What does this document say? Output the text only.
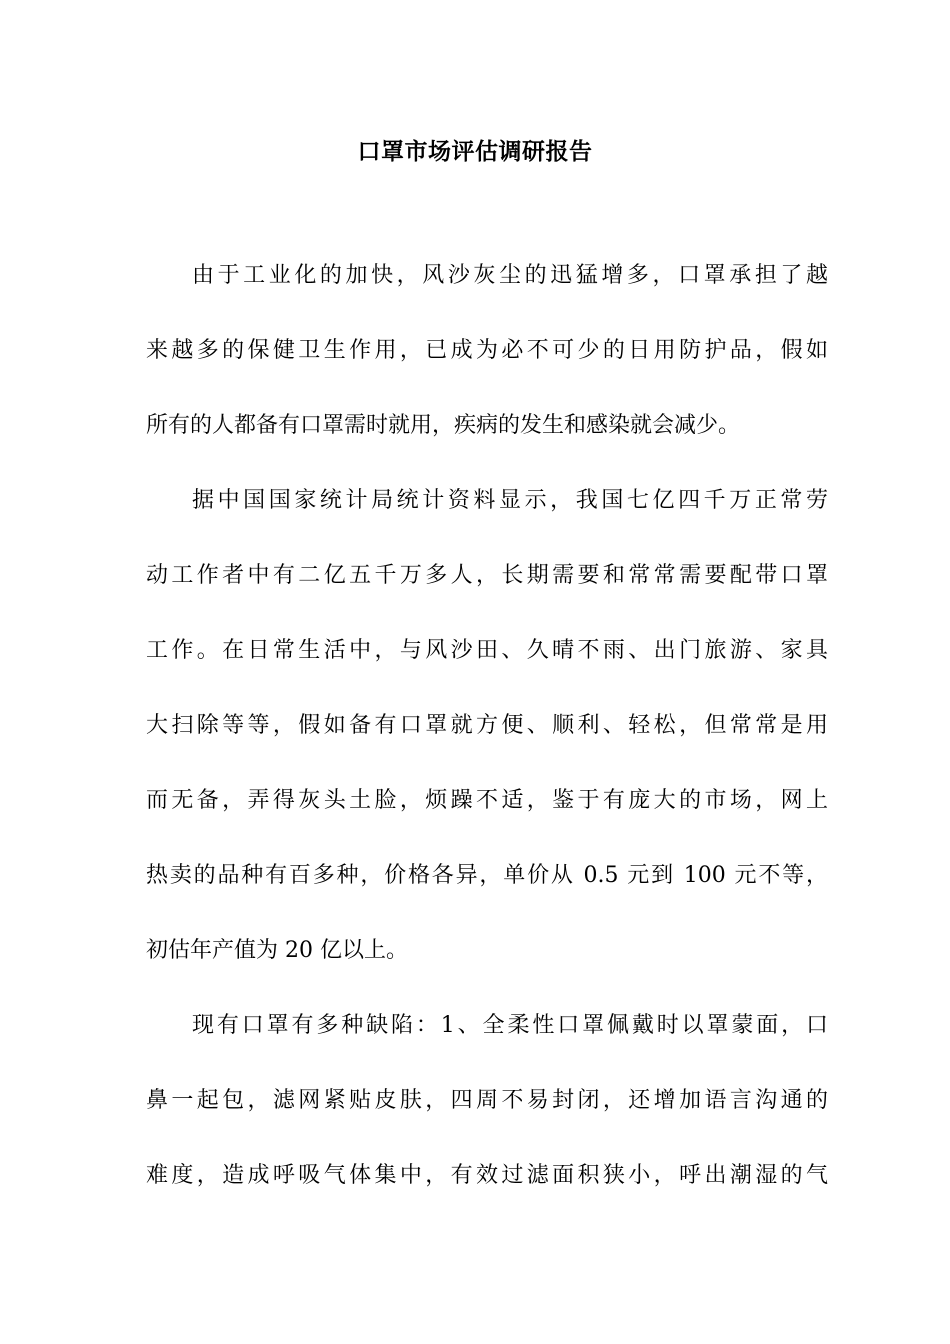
口罩市场评估调研报告
由于工业化的加快，风沙灰尘的迅猛增多，口罩承担了越
来越多的保健卫生作用，已成为必不可少的日用防护品，假如
所有的人都备有口罩需时就用，疾病的发生和感染就会减少。
据中国国家统计局统计资料显示，我国七亿四千万正常劳
动工作者中有二亿五千万多人，长期需要和常常需要配带口罩
工作。在日常生活中，与风沙田、久晴不雨、出门旅游、家具
大扫除等等，假如备有口罩就方便、顺利、轻松，但常常是用
而无备，弄得灰头土脸，烦躁不适，鉴于有庞大的市场，网上
热卖的品种有百多种，价格各异，单价从 0.5 元到 100 元不等，
初估年产值为 20 亿以上。
现有口罩有多种缺陷：1、全柔性口罩佩戴时以罩蒙面，口
鼻一起包，滤网紧贴皮肤，四周不易封闭，还增加语言沟通的
难度，造成呼吸气体集中，有效过滤面积狭小，呼出潮湿的气
